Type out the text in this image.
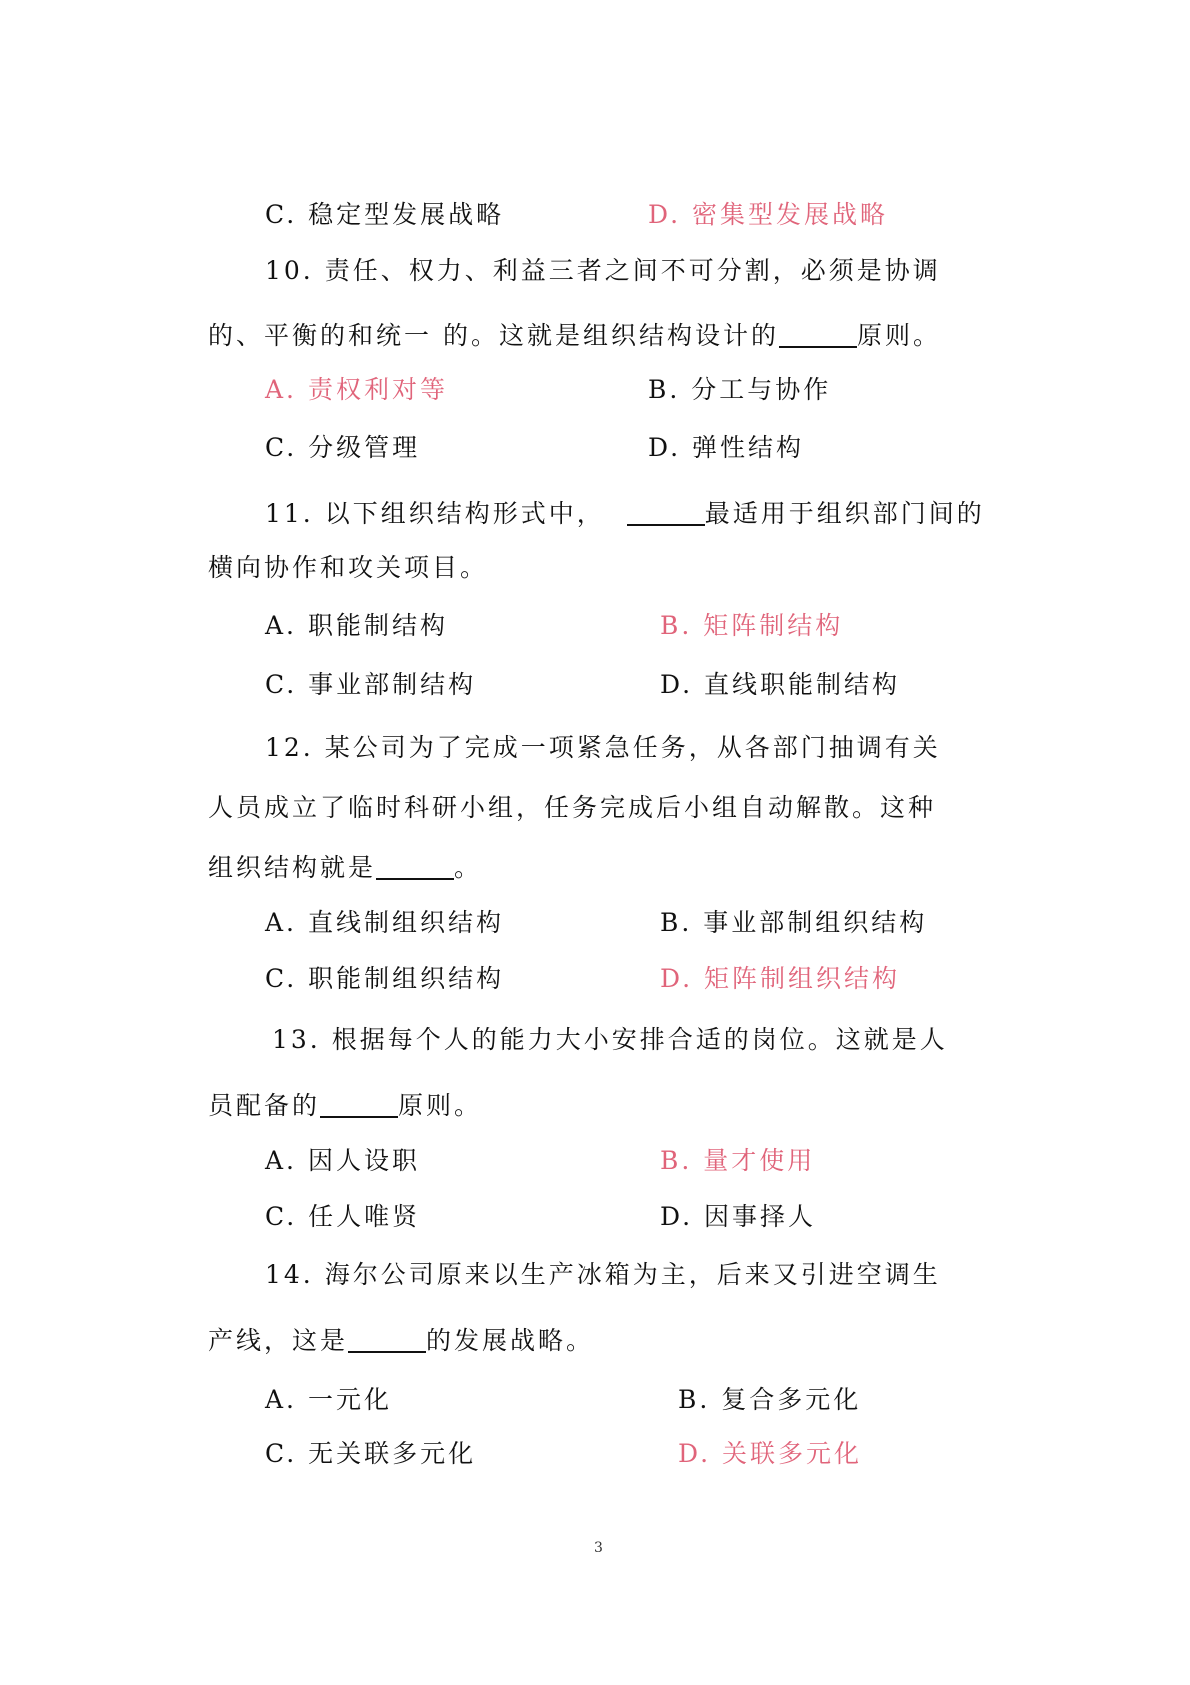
C. 稳定型发展战略	D. 密集型发展战略
10. 责任、权力、利益三者之间不可分割，必须是协调
的、平衡的和统一 的。这就是组织结构设计的	原则。
A. 责权利对等	B. 分工与协作
C. 分级管理	D. 弹性结构
11. 以下组织结构形式中，	最适用于组织部门间的
横向协作和攻关项目。
A. 职能制结构	B. 矩阵制结构
C. 事业部制结构	D. 直线职能制结构
12. 某公司为了完成一项紧急任务，从各部门抽调有关
人员成立了临时科研小组，任务完成后小组自动解散。这种
组织结构就是	。
A. 直线制组织结构	B. 事业部制组织结构
C. 职能制组织结构	D. 矩阵制组织结构
13. 根据每个人的能力大小安排合适的岗位。这就是人
员配备的	原则。
A. 因人设职	B. 量才使用
C. 任人唯贤	D. 因事择人
14. 海尔公司原来以生产冰箱为主，后来又引进空调生
产线，这是	的发展战略。
A. 一元化	B. 复合多元化
C. 无关联多元化	D. 关联多元化
3
